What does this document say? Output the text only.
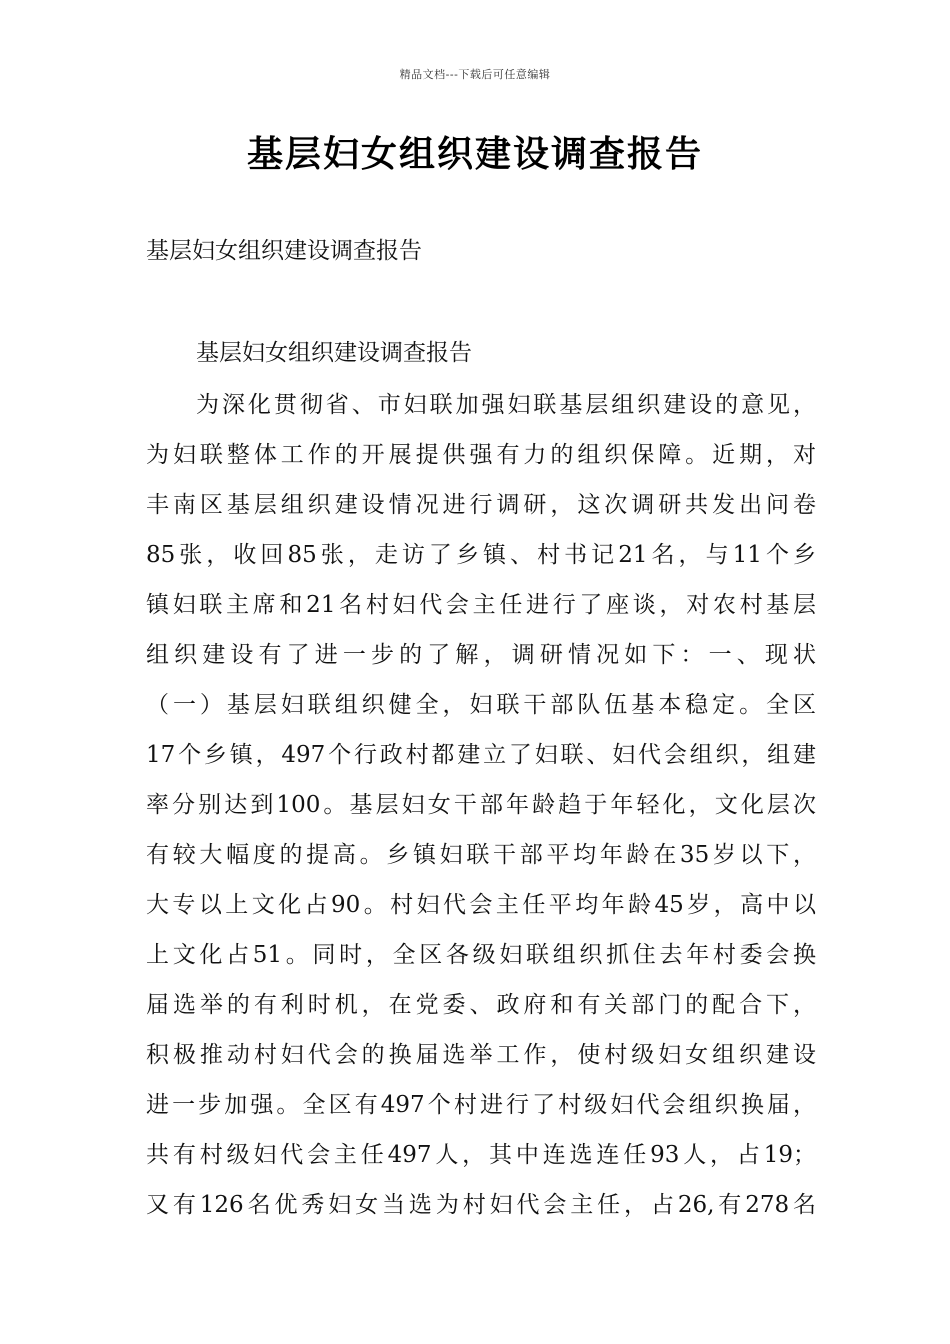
精品文档---下载后可任意编辑
基层妇女组织建设调查报告
基层妇女组织建设调查报告
基层妇女组织建设调查报告
为深化贯彻省、市妇联加强妇联基层组织建设的意见，
为妇联整体工作的开展提供强有力的组织保障。近期，对
丰南区基层组织建设情况进行调研，这次调研共发出问卷
85张，收回85张，走访了乡镇、村书记21名，与11个乡
镇妇联主席和21名村妇代会主任进行了座谈，对农村基层
组织建设有了进一步的了解，调研情况如下：一、现状
（一）基层妇联组织健全，妇联干部队伍基本稳定。全区
17个乡镇，497个行政村都建立了妇联、妇代会组织，组建
率分别达到100。基层妇女干部年龄趋于年轻化，文化层次
有较大幅度的提高。乡镇妇联干部平均年龄在35岁以下，
大专以上文化占90。村妇代会主任平均年龄45岁，高中以
上文化占51。同时，全区各级妇联组织抓住去年村委会换
届选举的有利时机，在党委、政府和有关部门的配合下，
积极推动村妇代会的换届选举工作，使村级妇女组织建设
进一步加强。全区有497个村进行了村级妇代会组织换届，
共有村级妇代会主任497人，其中连选连任93人，占19；
又有126名优秀妇女当选为村妇代会主任，占26,有278名
